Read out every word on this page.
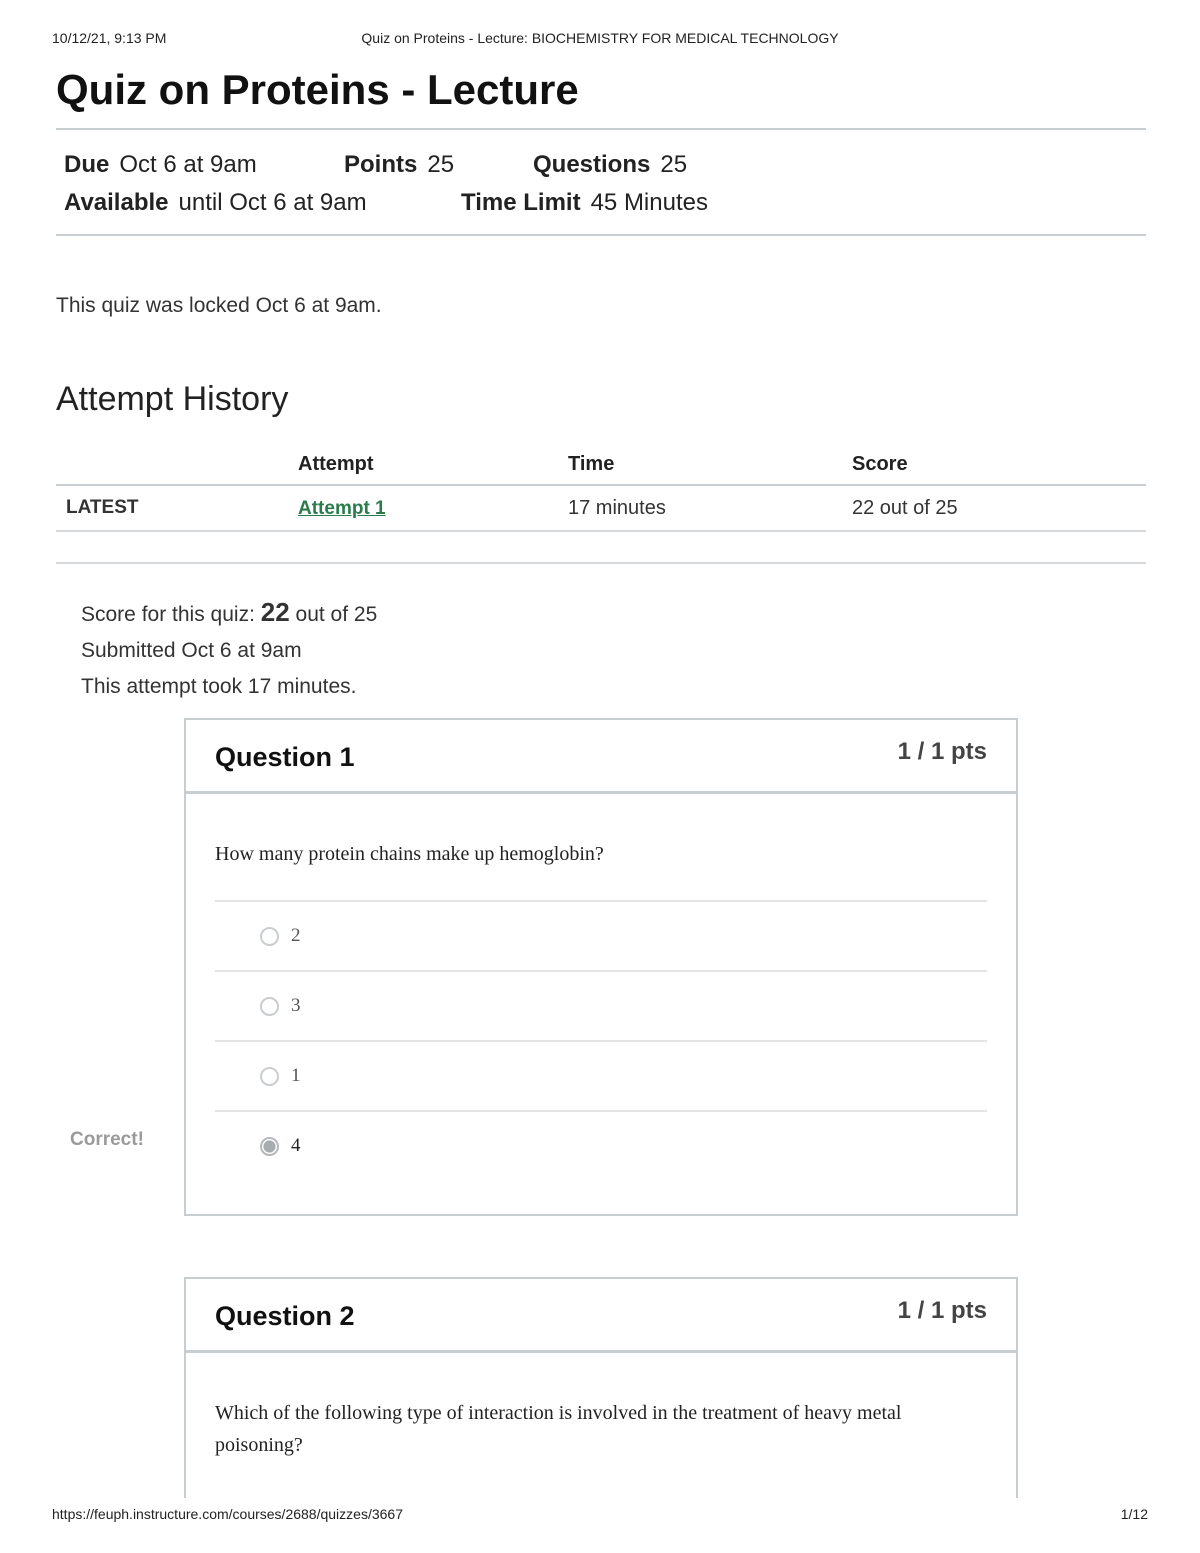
10/12/21, 9:13 PM	Quiz on Proteins - Lecture: BIOCHEMISTRY FOR MEDICAL TECHNOLOGY
Quiz on Proteins - Lecture
Due Oct 6 at 9am	Points 25	Questions 25
Available until Oct 6 at 9am	Time Limit 45 Minutes

This quiz was locked Oct 6 at 9am.

Attempt History
	Attempt	Time	Score
LATEST	Attempt 1	17 minutes	22 out of 25
Score for this quiz: 22 out of 25
Submitted Oct 6 at 9am
This attempt took 17 minutes.
Question 1	1 / 1 pts
How many protein chains make up hemoglobin?
2
3
1
4
Correct!
Question 2	1 / 1 pts
Which of the following type of interaction is involved in the treatment of heavy metal poisoning?
https://feuph.instructure.com/courses/2688/quizzes/3667	1/12
